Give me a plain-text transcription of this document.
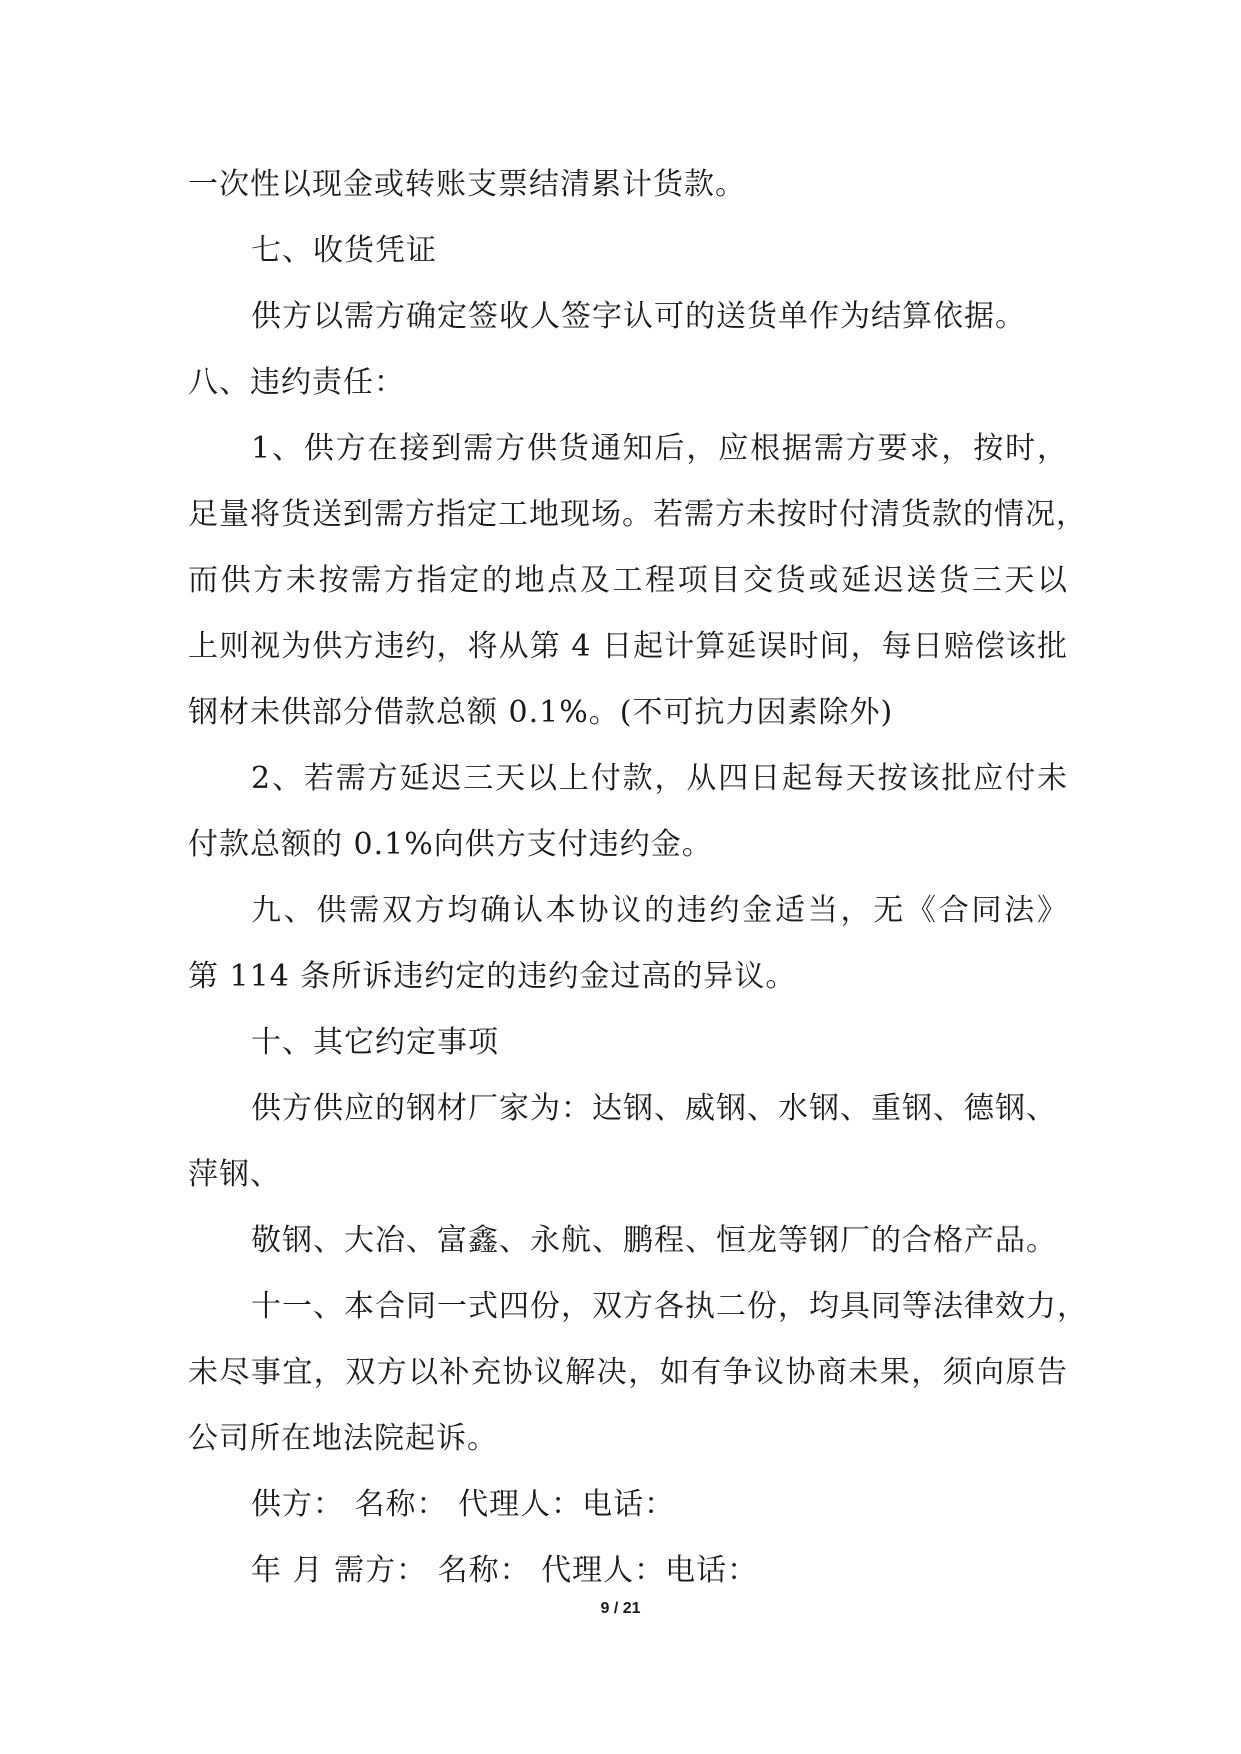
一次性以现金或转账支票结清累计货款。
七、收货凭证
供方以需方确定签收人签字认可的送货单作为结算依据。
八、违约责任：
1、供方在接到需方供货通知后，应根据需方要求，按时，
足量将货送到需方指定工地现场。若需方未按时付清货款的情况，
而供方未按需方指定的地点及工程项目交货或延迟送货三天以
上则视为供方违约，将从第 4 日起计算延误时间，每日赔偿该批
钢材未供部分借款总额 0.1%。(不可抗力因素除外)
2、若需方延迟三天以上付款，从四日起每天按该批应付未
付款总额的 0.1%向供方支付违约金。
九、供需双方均确认本协议的违约金适当，无《合同法》
第 114 条所诉违约定的违约金过高的异议。
十、其它约定事项
供方供应的钢材厂家为：达钢、威钢、水钢、重钢、德钢、
萍钢、
敬钢、大冶、富鑫、永航、鹏程、恒龙等钢厂的合格产品。
十一、本合同一式四份，双方各执二份，均具同等法律效力，
未尽事宜，双方以补充协议解决，如有争议协商未果，须向原告
公司所在地法院起诉。
供方： 名称： 代理人：电话：
年 月 需方： 名称： 代理人：电话：
9 / 21
